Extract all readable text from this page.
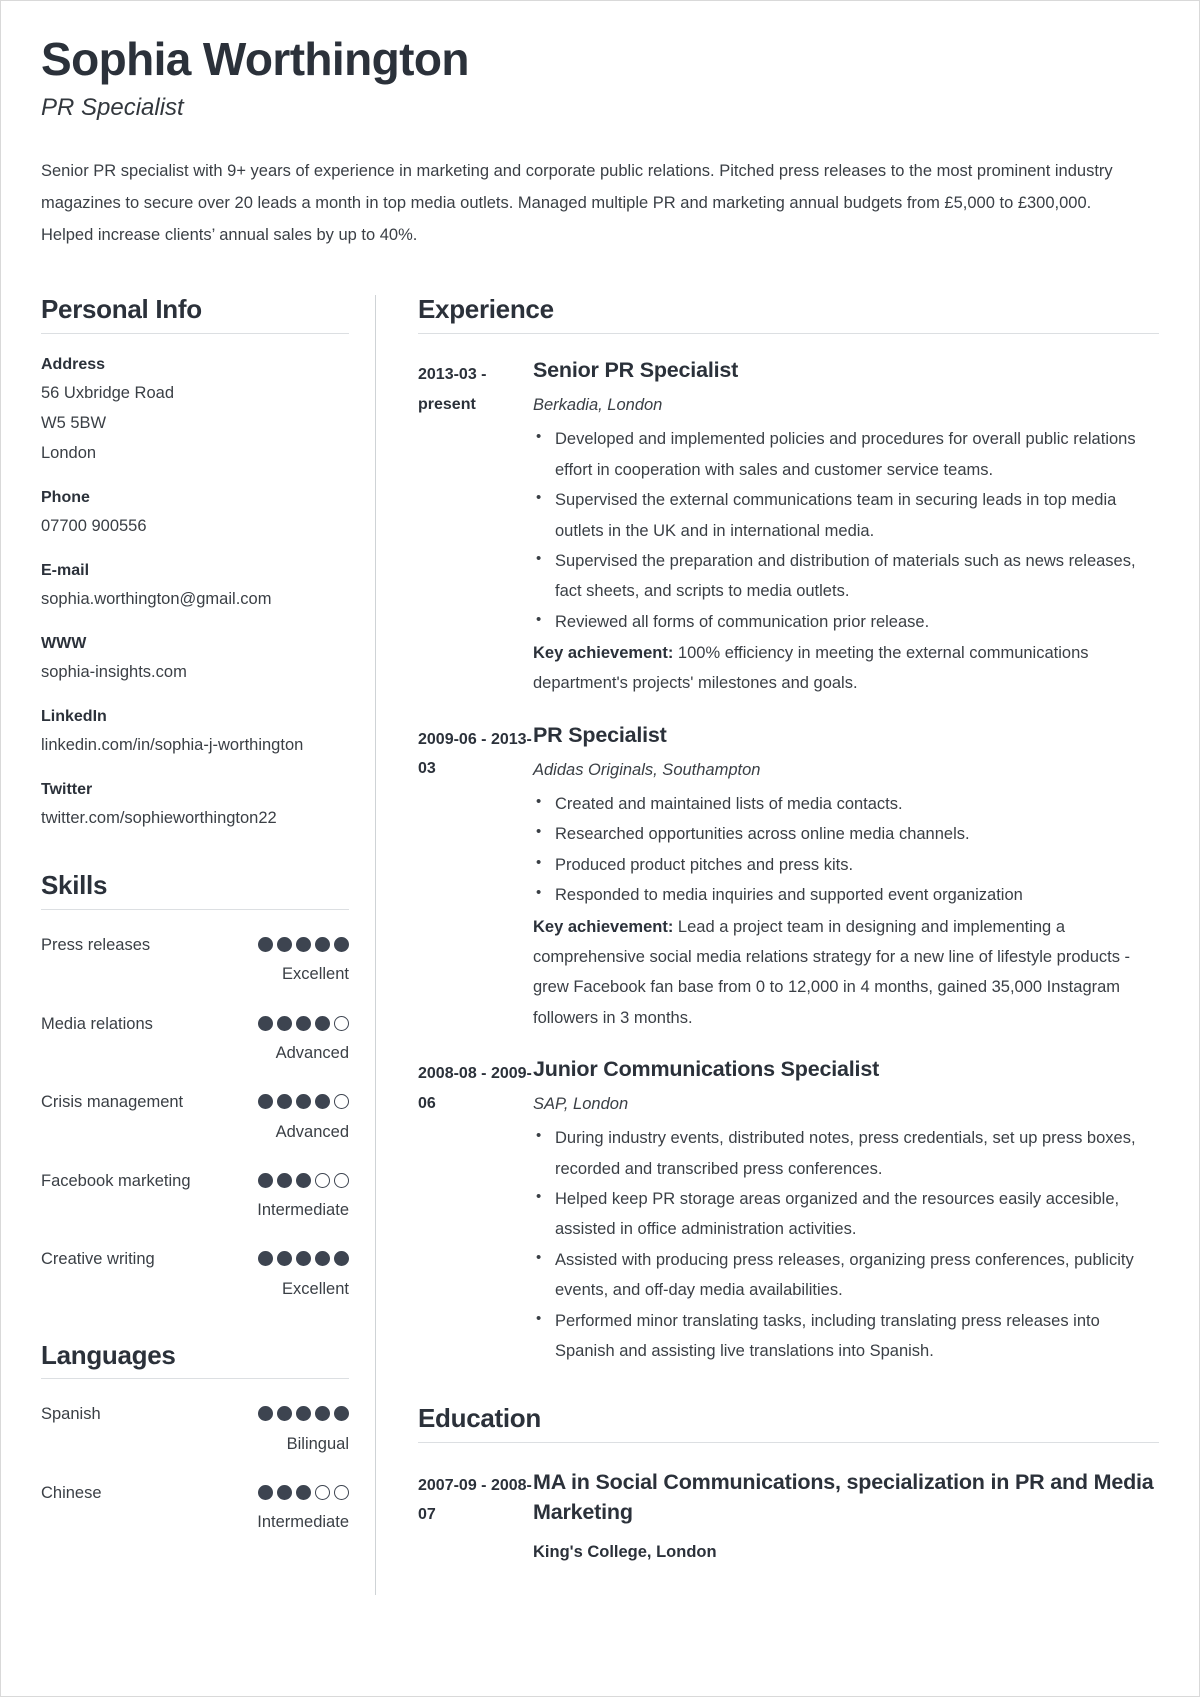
Sophia Worthington
PR Specialist
Senior PR specialist with 9+ years of experience in marketing and corporate public relations. Pitched press releases to the most prominent industry magazines to secure over 20 leads a month in top media outlets. Managed multiple PR and marketing annual budgets from £5,000 to £300,000. Helped increase clients’ annual sales by up to 40%.
Personal Info
Address
56 Uxbridge Road
W5 5BW
London
Phone
07700 900556
E-mail
sophia.worthington@gmail.com
WWW
sophia-insights.com
LinkedIn
linkedin.com/in/sophia-j-worthington
Twitter
twitter.com/sophieworthington22
Skills
Press releases
Excellent
Media relations
Advanced
Crisis management
Advanced
Facebook marketing
Intermediate
Creative writing
Excellent
Languages
Spanish
Bilingual
Chinese
Intermediate
Experience
2013-03 - present
Senior PR Specialist
Berkadia, London
• Developed and implemented policies and procedures for overall public relations effort in cooperation with sales and customer service teams.
• Supervised the external communications team in securing leads in top media outlets in the UK and in international media.
• Supervised the preparation and distribution of materials such as news releases, fact sheets, and scripts to media outlets.
• Reviewed all forms of communication prior release.
Key achievement: 100% efficiency in meeting the external communications department's projects' milestones and goals.
2009-06 - 2013-03
PR Specialist
Adidas Originals, Southampton
• Created and maintained lists of media contacts.
• Researched opportunities across online media channels.
• Produced product pitches and press kits.
• Responded to media inquiries and supported event organization
Key achievement: Lead a project team in designing and implementing a comprehensive social media relations strategy for a new line of lifestyle products - grew Facebook fan base from 0 to 12,000 in 4 months, gained 35,000 Instagram followers in 3 months.
2008-08 - 2009-06
Junior Communications Specialist
SAP, London
• During industry events, distributed notes, press credentials, set up press boxes, recorded and transcribed press conferences.
• Helped keep PR storage areas organized and the resources easily accesible, assisted in office administration activities.
• Assisted with producing press releases, organizing press conferences, publicity events, and off-day media availabilities.
• Performed minor translating tasks, including translating press releases into Spanish and assisting live translations into Spanish.
Education
2007-09 - 2008-07
MA in Social Communications, specialization in PR and Media Marketing
King's College, London
